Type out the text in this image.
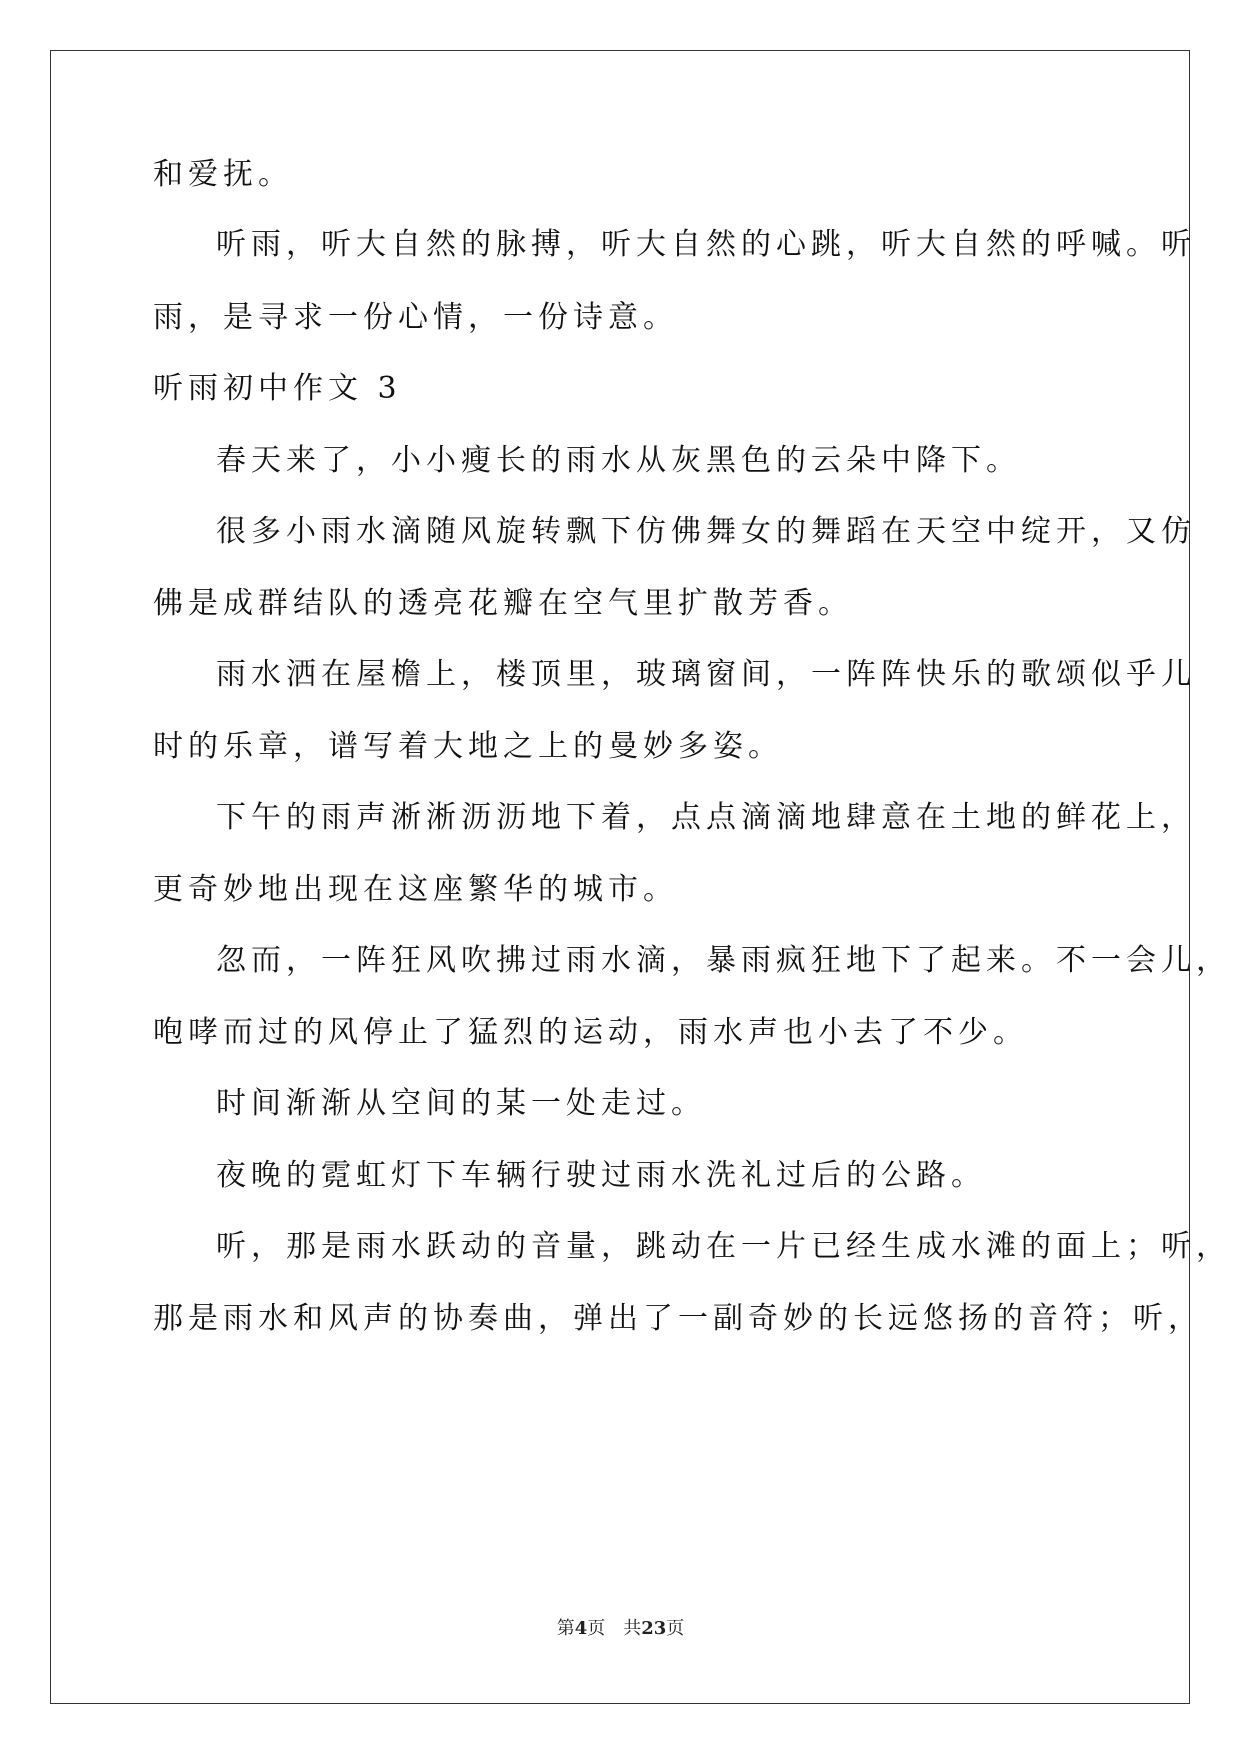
和爱抚。
听雨，听大自然的脉搏，听大自然的心跳，听大自然的呼喊。听
雨，是寻求一份心情，一份诗意。
听雨初中作文 3
春天来了，小小瘦长的雨水从灰黑色的云朵中降下。
很多小雨水滴随风旋转飘下仿佛舞女的舞蹈在天空中绽开，又仿
佛是成群结队的透亮花瓣在空气里扩散芳香。
雨水洒在屋檐上，楼顶里，玻璃窗间，一阵阵快乐的歌颂似乎儿
时的乐章，谱写着大地之上的曼妙多姿。
下午的雨声淅淅沥沥地下着，点点滴滴地肆意在土地的鲜花上，
更奇妙地出现在这座繁华的城市。
忽而，一阵狂风吹拂过雨水滴，暴雨疯狂地下了起来。不一会儿，
咆哮而过的风停止了猛烈的运动，雨水声也小去了不少。
时间渐渐从空间的某一处走过。
夜晚的霓虹灯下车辆行驶过雨水洗礼过后的公路。
听，那是雨水跃动的音量，跳动在一片已经生成水滩的面上；听，
那是雨水和风声的协奏曲，弹出了一副奇妙的长远悠扬的音符；听，
第4页 共23页
